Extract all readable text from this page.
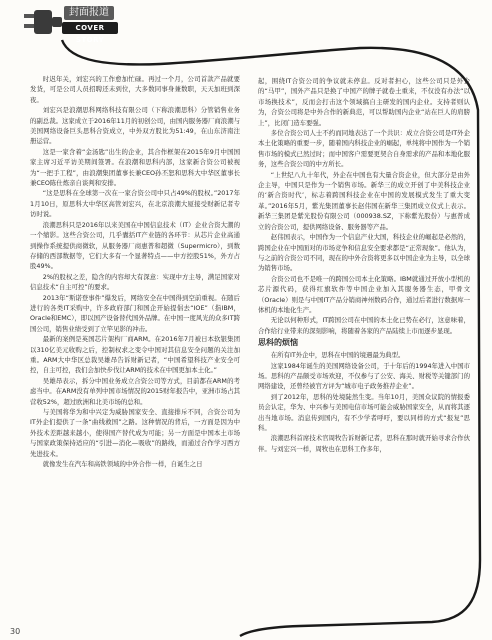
封面报道
COVER STORY

时迟年关，刘宏兴的工作愈加忙碌。再过一个月，公司首款产品就要发货，可是公司人员招聘还未到位，大多数同事身兼数职，天天加班到深夜。

刘宏兴是浪潮思科网络科技有限公司（下称浪潮思科）分管销售业务的副总裁。这家成立于2016年11月的初创公司，由国内服务器厂商浪潮与美国网络设备巨头思科合资成立，中外双方股比为51:49，在山东济南注册运营。

这是一家含着“金汤匙”出生的企业，其合作框架在2015年9月中国国家主席习近平访美期间签署。在浪潮和思科内部，这家新合资公司被视为“一把手工程”，由浪潮集团董事长兼CEO孙丕恕和思科大中华区董事长兼CEO陈仕炼亲自谈判和安排。

“这是思科在全球第一次在一家合资公司中只占49%的股权。”2017年1月10日，原思科大中华区高管刘宏兴，在北京浪潮大厦接受财新记者专访时说。

浪潮思科只是2016年以来美国在中国信息技术（IT）企业合资大潮的一个缩影。这些合资公司，几乎囊括IT产业链的各环节：从芯片企业高通到操作系统提供商微软，从服务器厂商惠普和超微（Supermicro），到数存储的西部数据等，它们大多有一个显著特点——中方控股51%，外方占股49%。

2%的股权之差，隐含的内容却大有深意：实现中方主导，满足国家对信息技术“自主可控”的要求。

2013年“斯诺登事件”爆发后，网络安全在中国得到空前重视。在随后进行的各类IT采购中，许多政府部门和国企开始提倡去“IOE”（指IBM，Oracle和EMC），即以国产设备替代国外品牌。在中国一度风光的众多IT跨国公司，销售业绩受到了立竿见影的冲击。

最新的案例是英国芯片架构厂商ARM。在2016年7月被日本软银集团以310亿美元收购之后，控制权求之变令中国对其信息安全问题的关注加重。ARM大中华区总裁吴雄昂告诉财新记者，“中国希望科技产业安全可控，自主可控，我们会加快步伐让ARM的技术在中国更加本土化。”

吴雄昂表示，拆分中国业务成立合资公司等方式，目前都在ARM的考虑当中。在ARM没有单列中国市场情况的2015财年报告中，亚洲市场占其营收52%，超过欧洲和北美市场的总和。

与美国将华为和中兴定为威胁国家安全、直接排斥不同，合资公司为IT外企们提供了一条“曲线救国”之路。这种情况的背后，一方面是因为中外技术差距越来越小，使得国产替代成为可能；另一方面是中国本土市场与国家政策保持适应的“引进—消化—吸收”的路线，而通过合作学习西方先进技术。

就像发生在汽车和高铁领域的中外合作一样，自诞生之日

起，围绕IT合资公司的争议就未停息。反对者担心，这些公司只是外企的“马甲”，国外产品只是换了中国产的牌子就卷土重来，不仅没有办法“以市场换技术”，反而会打击这个领域搞自主研发的国内企业。支持者则认为，合资公司将是中外合作的新典范，可以帮助国内企业“站在巨人的肩膀上”，比闭门造车要强。

多位合资公司人士不约而同地表达了一个共识：成立合资公司是IT外企本土化策略的重要一步，随着国内科技企业的崛起，单纯将中国作为一个销售市场的模式已然过时；而中国客户需要更契合自身需求的产品和本地化服务，这些合资公司的中方所长。

“上世纪八九十年代，外企在中国也有大量合资企业，但大部分是由外企主导，中国只是作为一个销售市场。新华三的成立开创了中美科技企业的‘新合资时代’，标志着跨国科技企业在中国的发展模式发生了重大变革。”2016年5月，紫光集团董事长赵伟国在新华三集团成立仪式上表示。新华三集团是紫光股份有限公司（000938.SZ，下称紫光股份）与惠普成立的合资公司，提供网络设备、服务器等产品。

赵伟国表示，中国作为一个信息产业大国，科技企业的崛起是必然的，跨国企业在中国面对的市场竞争和信息安全要求都是“正常现象”。他认为，与之前的合资公司不同，现在的中外合资将更多以中国企业为主导，以全球为销售市场。

合资公司也不是唯一的跨国公司本土化策略。IBM就通过开放小型机的芯片源代码，获得红旗软件等中国企业加入其服务器生态，甲骨文（Oracle）则是与中国IT产品分销商神州数码合作，通过后者进行数据库一体机的本地化生产。

无论以何种形式，IT跨国公司在中国的本土化已势在必行，这意味着，合作给行业带来的深刻影响，将随着各家的产品陆续上市而逐步显现。

思科的烦恼

在所有IT外企中，思科在中国的境遇最为典型。

这家1984年诞生的美国网络设备公司，于十年后的1994年进入中国市场。思科的产品颇受市场欢迎，不仅参与了公安、海关、财税等关键部门的网络建设，还曾经被官方评为“城市电子政务推荐企业”。

到了2012年，思科的处境陡然生变。当年10月，美国众议院的情报委员会认定，华为、中兴参与美国电信市场可能会威胁国家安全，从而将其逐出当地市场。消息传到国内，有不少学者呼吁，要以同样的方式“报复”思科。

浪潮思科首席技术官周牧告诉财新记者，思科在那时就开始寻求合作伙伴。与刘宏兴一样，周牧也在思科工作多年，

30
